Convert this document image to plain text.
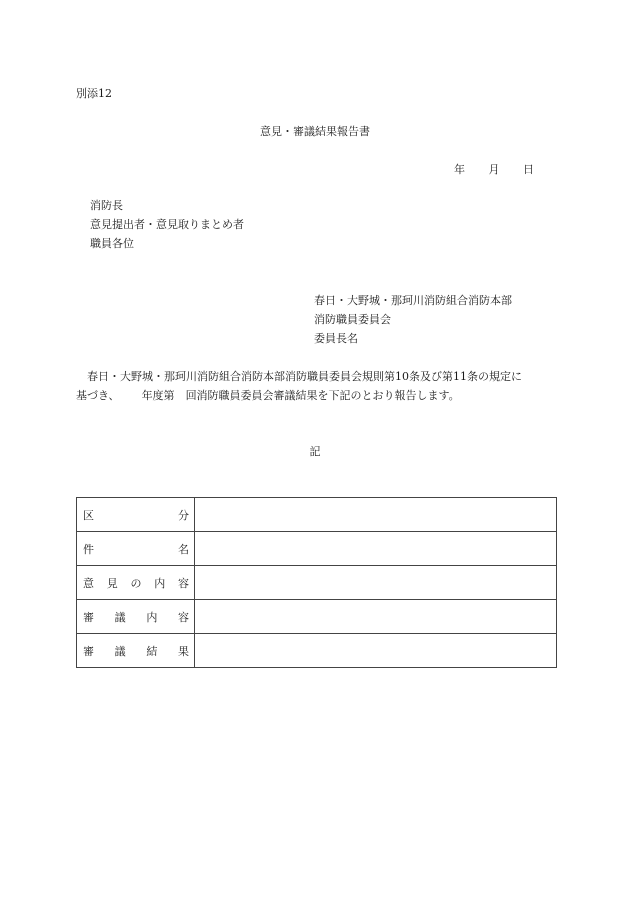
別添12
意見・審議結果報告書
年 月 日
消防長
意見提出者・意見取りまとめ者
職員各位
春日・大野城・那珂川消防組合消防本部
消防職員委員会
委員長名
春日・大野城・那珂川消防組合消防本部消防職員委員会規則第10条及び第11条の規定に
基づき、 年度第 回消防職員委員会審議結果を下記のとおり報告します。
記
区　　分	
件　　名	
意見の内容	
審議内容	
審議結果	
